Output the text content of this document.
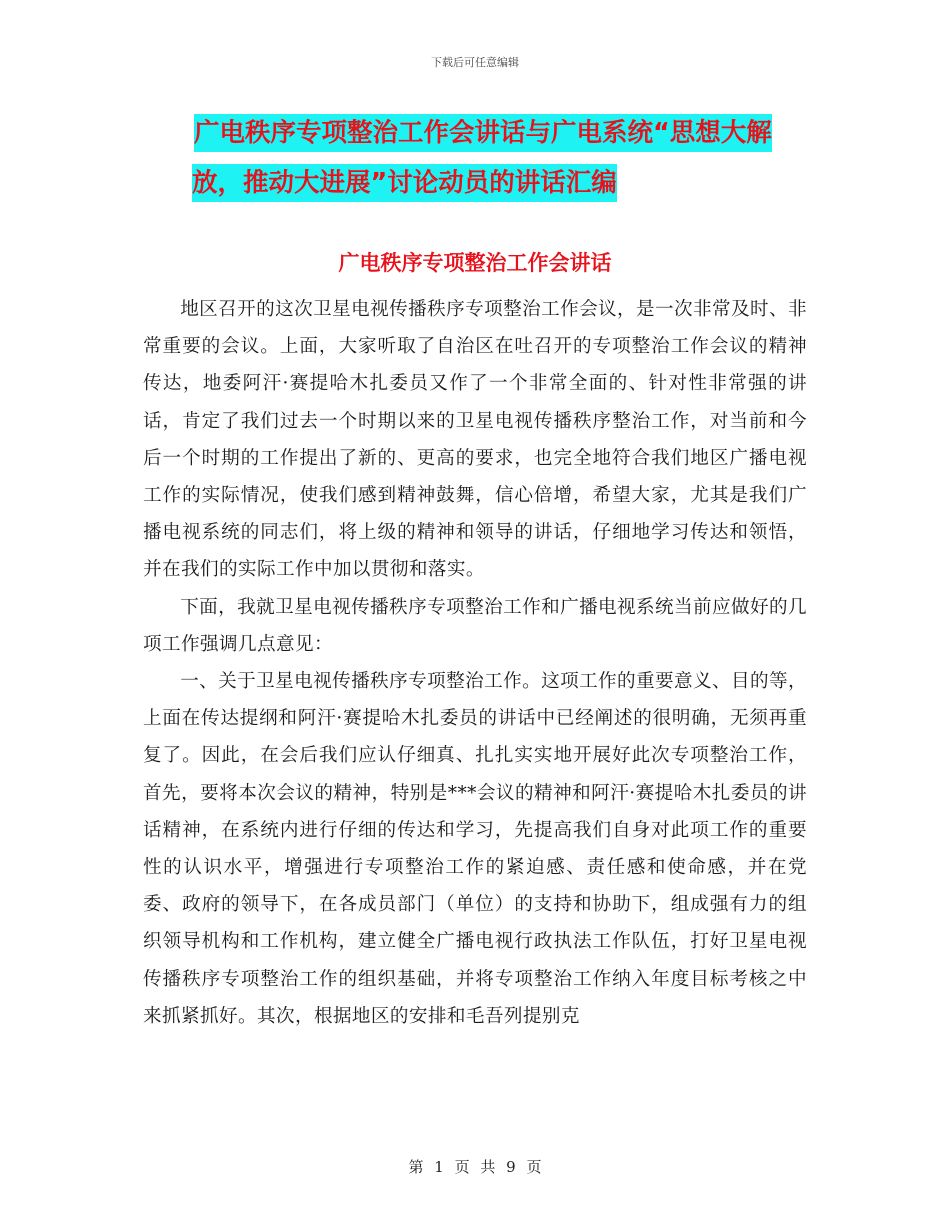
下载后可任意编辑
广电秩序专项整治工作会讲话与广电系统“思想大解
放，推动大进展”讨论动员的讲话汇编
广电秩序专项整治工作会讲话

地区召开的这次卫星电视传播秩序专项整治工作会议，是一次非常及时、非常重要的会议。上面，大家听取了自治区在吐召开的专项整治工作会议的精神传达，地委阿汗·赛提哈木扎委员又作了一个非常全面的、针对性非常强的讲话，肯定了我们过去一个时期以来的卫星电视传播秩序整治工作，对当前和今后一个时期的工作提出了新的、更高的要求，也完全地符合我们地区广播电视工作的实际情况，使我们感到精神鼓舞，信心倍增，希望大家，尤其是我们广播电视系统的同志们，将上级的精神和领导的讲话，仔细地学习传达和领悟，并在我们的实际工作中加以贯彻和落实。

下面，我就卫星电视传播秩序专项整治工作和广播电视系统当前应做好的几项工作强调几点意见：

一、关于卫星电视传播秩序专项整治工作。这项工作的重要意义、目的等，上面在传达提纲和阿汗·赛提哈木扎委员的讲话中已经阐述的很明确，无须再重复了。因此，在会后我们应认仔细真、扎扎实实地开展好此次专项整治工作，首先，要将本次会议的精神，特别是***会议的精神和阿汗·赛提哈木扎委员的讲话精神，在系统内进行仔细的传达和学习，先提高我们自身对此项工作的重要性的认识水平，增强进行专项整治工作的紧迫感、责任感和使命感，并在党委、政府的领导下，在各成员部门（单位）的支持和协助下，组成强有力的组织领导机构和工作机构，建立健全广播电视行政执法工作队伍，打好卫星电视传播秩序专项整治工作的组织基础，并将专项整治工作纳入年度目标考核之中来抓紧抓好。其次，根据地区的安排和毛吾列提别克

第 1 页 共 9 页
